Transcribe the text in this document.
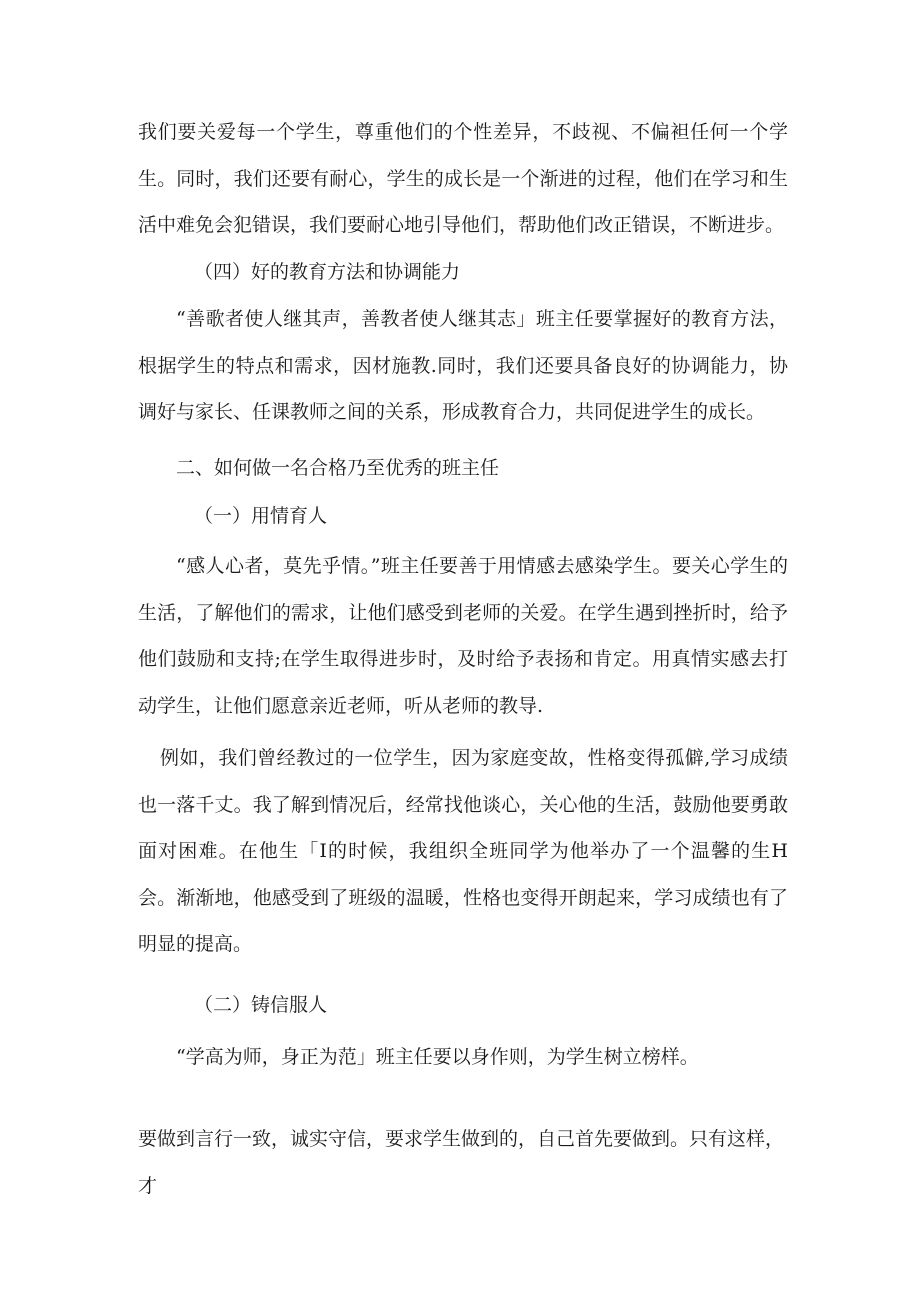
我们要关爱每一个学生，尊重他们的个性差异，不歧视、不偏袒任何一个学生。同时，我们还要有耐心，学生的成长是一个渐进的过程，他们在学习和生活中难免会犯错误，我们要耐心地引导他们，帮助他们改正错误，不断进步。

（四）好的教育方法和协调能力

“善歌者使人继其声，善教者使人继其志」班主任要掌握好的教育方法，根据学生的特点和需求，因材施教.同时，我们还要具备良好的协调能力，协调好与家长、任课教师之间的关系，形成教育合力，共同促进学生的成长。

二、如何做一名合格乃至优秀的班主任

（一）用情育人

“感人心者，莫先乎情。”班主任要善于用情感去感染学生。要关心学生的生活，了解他们的需求，让他们感受到老师的关爱。在学生遇到挫折时，给予他们鼓励和支持;在学生取得进步时，及时给予表扬和肯定。用真情实感去打动学生，让他们愿意亲近老师，听从老师的教导.

例如，我们曾经教过的一位学生，因为家庭变故，性格变得孤僻,学习成绩也一落千丈。我了解到情况后，经常找他谈心，关心他的生活，鼓励他要勇敢面对困难。在他生「I的时候，我组织全班同学为他举办了一个温馨的生H会。渐渐地，他感受到了班级的温暖，性格也变得开朗起来，学习成绩也有了明显的提高。

（二）铸信服人

“学高为师，身正为范」班主任要以身作则，为学生树立榜样。

要做到言行一致，诚实守信，要求学生做到的，自己首先要做到。只有这样，才
